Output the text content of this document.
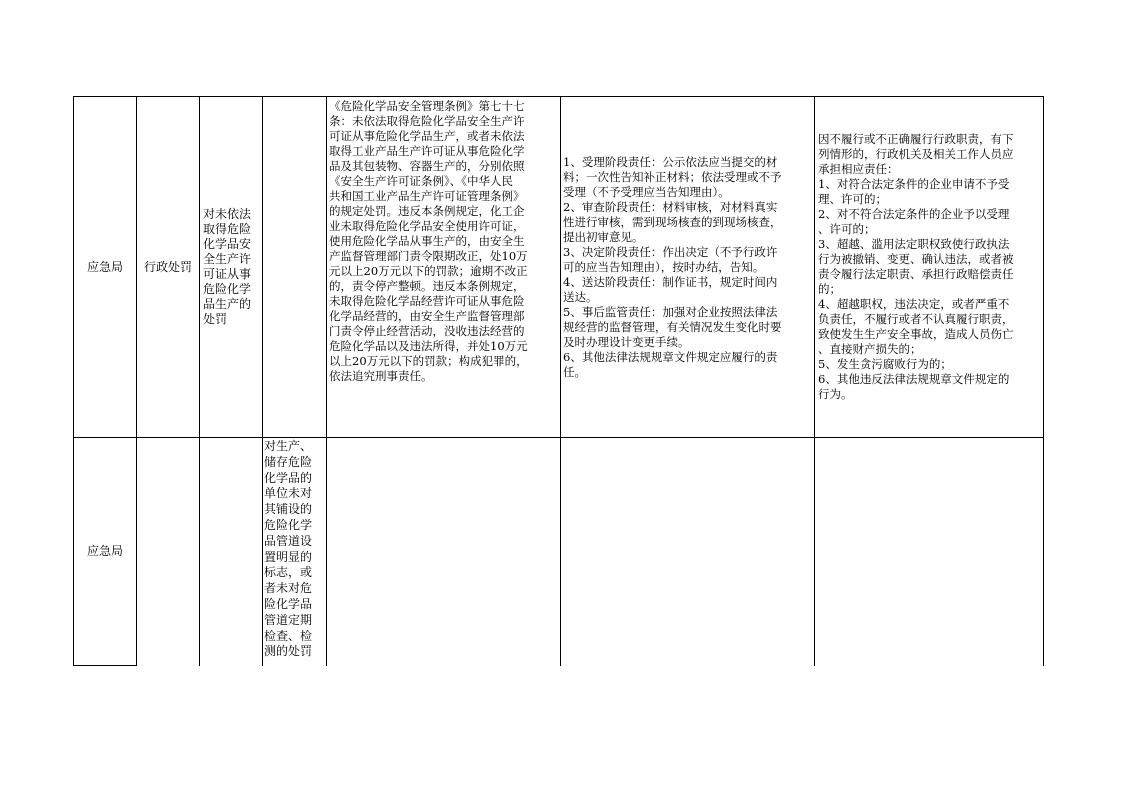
应急局 行政处罚
对未依法
取得危险
化学品安
全生产许
可证从事
危险化学
品生产的
处罚
《危险化学品安全管理条例》第七十七
条：未依法取得危险化学品安全生产许
可证从事危险化学品生产，或者未依法
取得工业产品生产许可证从事危险化学
品及其包装物、容器生产的，分别依照
《安全生产许可证条例》、《中华人民
共和国工业产品生产许可证管理条例》
的规定处罚。违反本条例规定，化工企
业未取得危险化学品安全使用许可证，
使用危险化学品从事生产的，由安全生
产监督管理部门责令限期改正，处10万
元以上20万元以下的罚款；逾期不改正
的，责令停产整顿。违反本条例规定，
未取得危险化学品经营许可证从事危险
化学品经营的，由安全生产监督管理部
门责令停止经营活动，没收违法经营的
危险化学品以及违法所得，并处10万元
以上20万元以下的罚款；构成犯罪的，
依法追究刑事责任。
1、受理阶段责任：公示依法应当提交的材
料；一次性告知补正材料；依法受理或不予
受理（不予受理应当告知理由）。
2、审查阶段责任：材料审核，对材料真实
性进行审核，需到现场核查的到现场核查，
提出初审意见。
3、决定阶段责任：作出决定（不予行政许
可的应当告知理由），按时办结，告知。
4、送达阶段责任：制作证书，规定时间内
送达。
5、事后监管责任：加强对企业按照法律法
规经营的监督管理，有关情况发生变化时要
及时办理设计变更手续。
6、其他法律法规规章文件规定应履行的责
任。
因不履行或不正确履行行政职责，有下
列情形的，行政机关及相关工作人员应
承担相应责任：
1、对符合法定条件的企业申请不予受
理、许可的；
2、对不符合法定条件的企业予以受理
、许可的；
3、超越、滥用法定职权致使行政执法
行为被撤销、变更、确认违法，或者被
责令履行法定职责、承担行政赔偿责任
的；
4、超越职权，违法决定，或者严重不
负责任，不履行或者不认真履行职责，
致使发生生产安全事故，造成人员伤亡
、直接财产损失的；
5、发生贪污腐败行为的；
6、其他违反法律法规规章文件规定的
行为。
应急局
对生产、
储存危险
化学品的
单位未对
其铺设的
危险化学
品管道设
置明显的
标志，或
者未对危
险化学品
管道定期
检查、检
测的处罚
